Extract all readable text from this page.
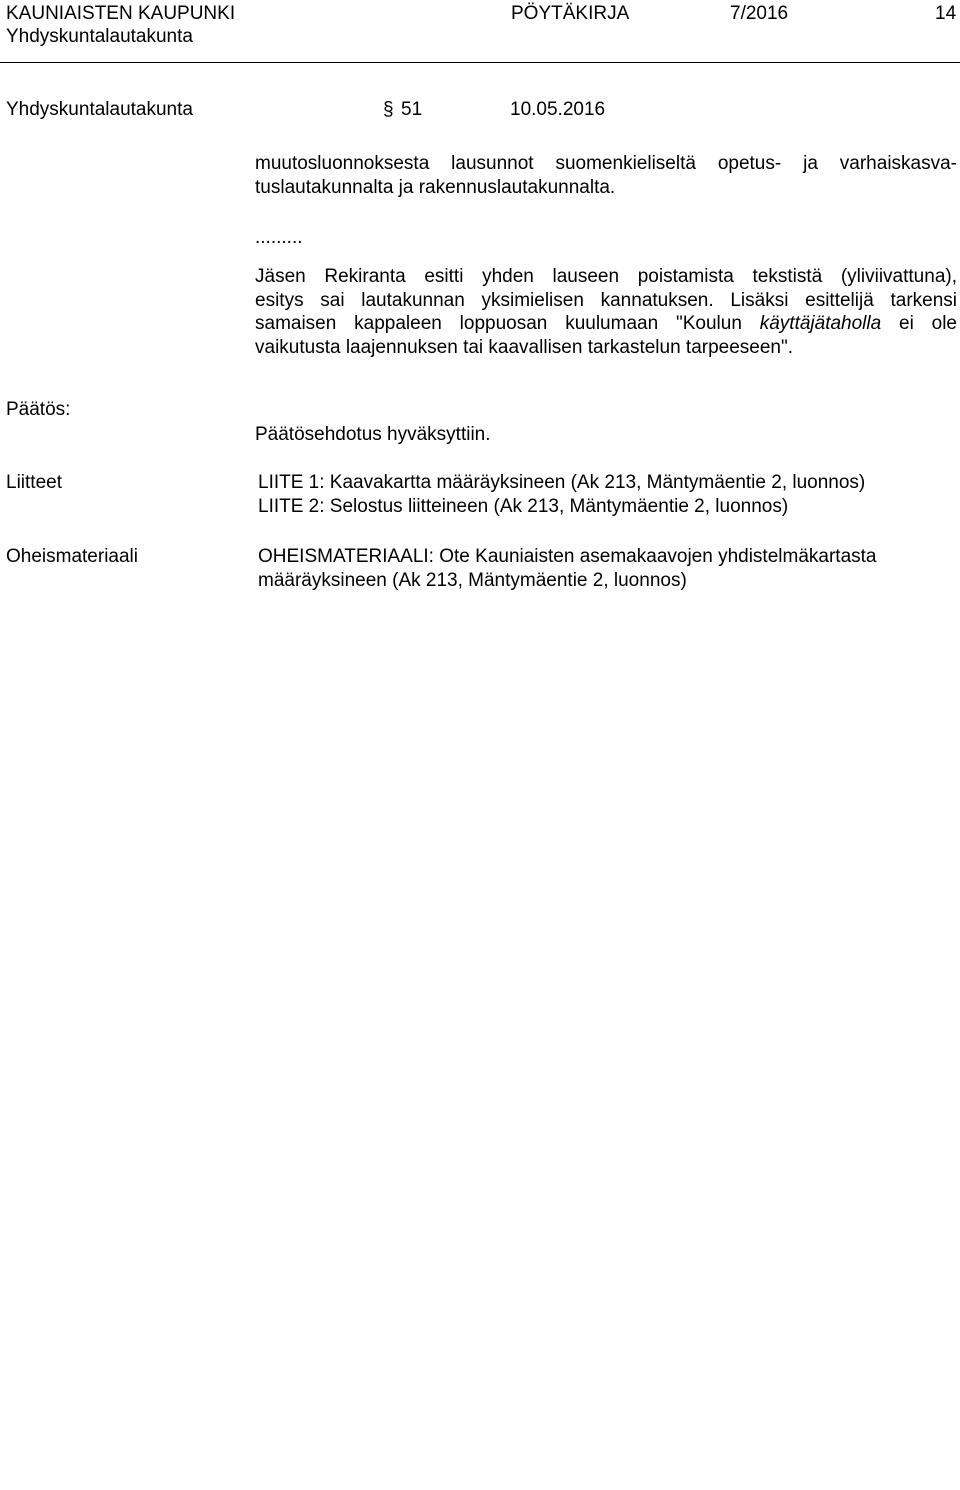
KAUNIAISTEN KAUPUNKI
Yhdyskuntalautakunta
PÖYTÄKIRJA	7/2016	14
Yhdyskuntalautakunta	§ 51	10.05.2016
muutosluonnoksesta lausunnot suomenkieliseltä opetus- ja varhaiskasva-
tuslautakunnalta ja rakennuslautakunnalta.
.........
Jäsen Rekiranta esitti yhden lauseen poistamista tekstistä (yliviivattuna),
esitys sai lautakunnan yksimielisen kannatuksen. Lisäksi esittelijä tarkensi
samaisen kappaleen loppuosan kuulumaan "Koulun käyttäjätaholla ei ole
vaikutusta laajennuksen tai kaavallisen tarkastelun tarpeeseen".
Päätös:
Päätösehdotus hyväksyttiin.
Liitteet	LIITE 1: Kaavakartta määräyksineen (Ak 213, Mäntymäentie 2, luonnos)
LIITE 2: Selostus liitteineen (Ak 213, Mäntymäentie 2, luonnos)
Oheismateriaali	OHEISMATERIAALI: Ote Kauniaisten asemakaavojen yhdistelmäkartasta
määräyksineen (Ak 213, Mäntymäentie 2, luonnos)
